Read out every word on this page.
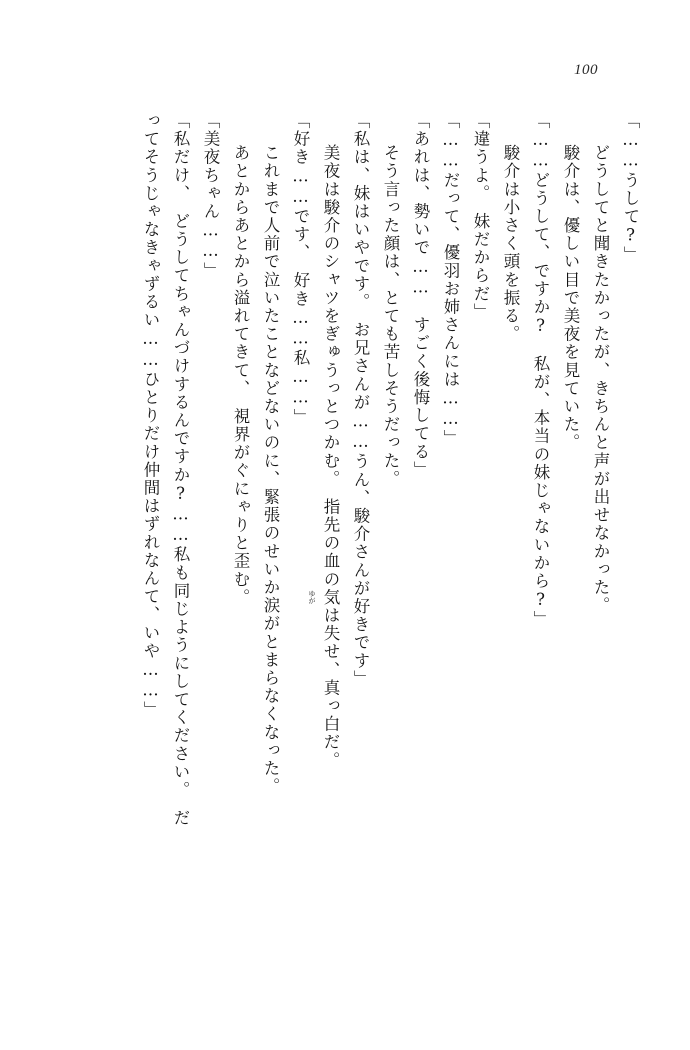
100
「……うして?」
　どうしてと聞きたかったが、きちんと声が出せなかった。
　駿介は、優しい目で美夜を見ていた。
「……どうして、ですか?　私が、本当の妹じゃないから?」
　駿介は小さく頭を振る。
「違うよ。　妹だからだ」
「……だって、優羽お姉さんには……」
「あれは、勢いで……　すごく後悔してる」
　そう言った顔は、とても苦しそうだった。
「私は、妹はいやです。　お兄さんが……うん、駿介さんが好きです」
　美夜は駿介のシャツをぎゅうっとつかむ。　指先の血の気は失せ、真っ白だ。
「好き……です、　好き……私……」
　これまで人前で泣いたことなどないのに、緊張のせいか涙がとまらなくなった。
　あとからあとから溢れてきて、　視界がぐにゃりと歪む。
「美夜ちゃん……」
「私だけ、　どうしてちゃんづけするんですか?……私も同じようにしてください。　だ
ってそうじゃなきゃずるい……ひとりだけ仲間はずれなんて、いや……」	ゆが
